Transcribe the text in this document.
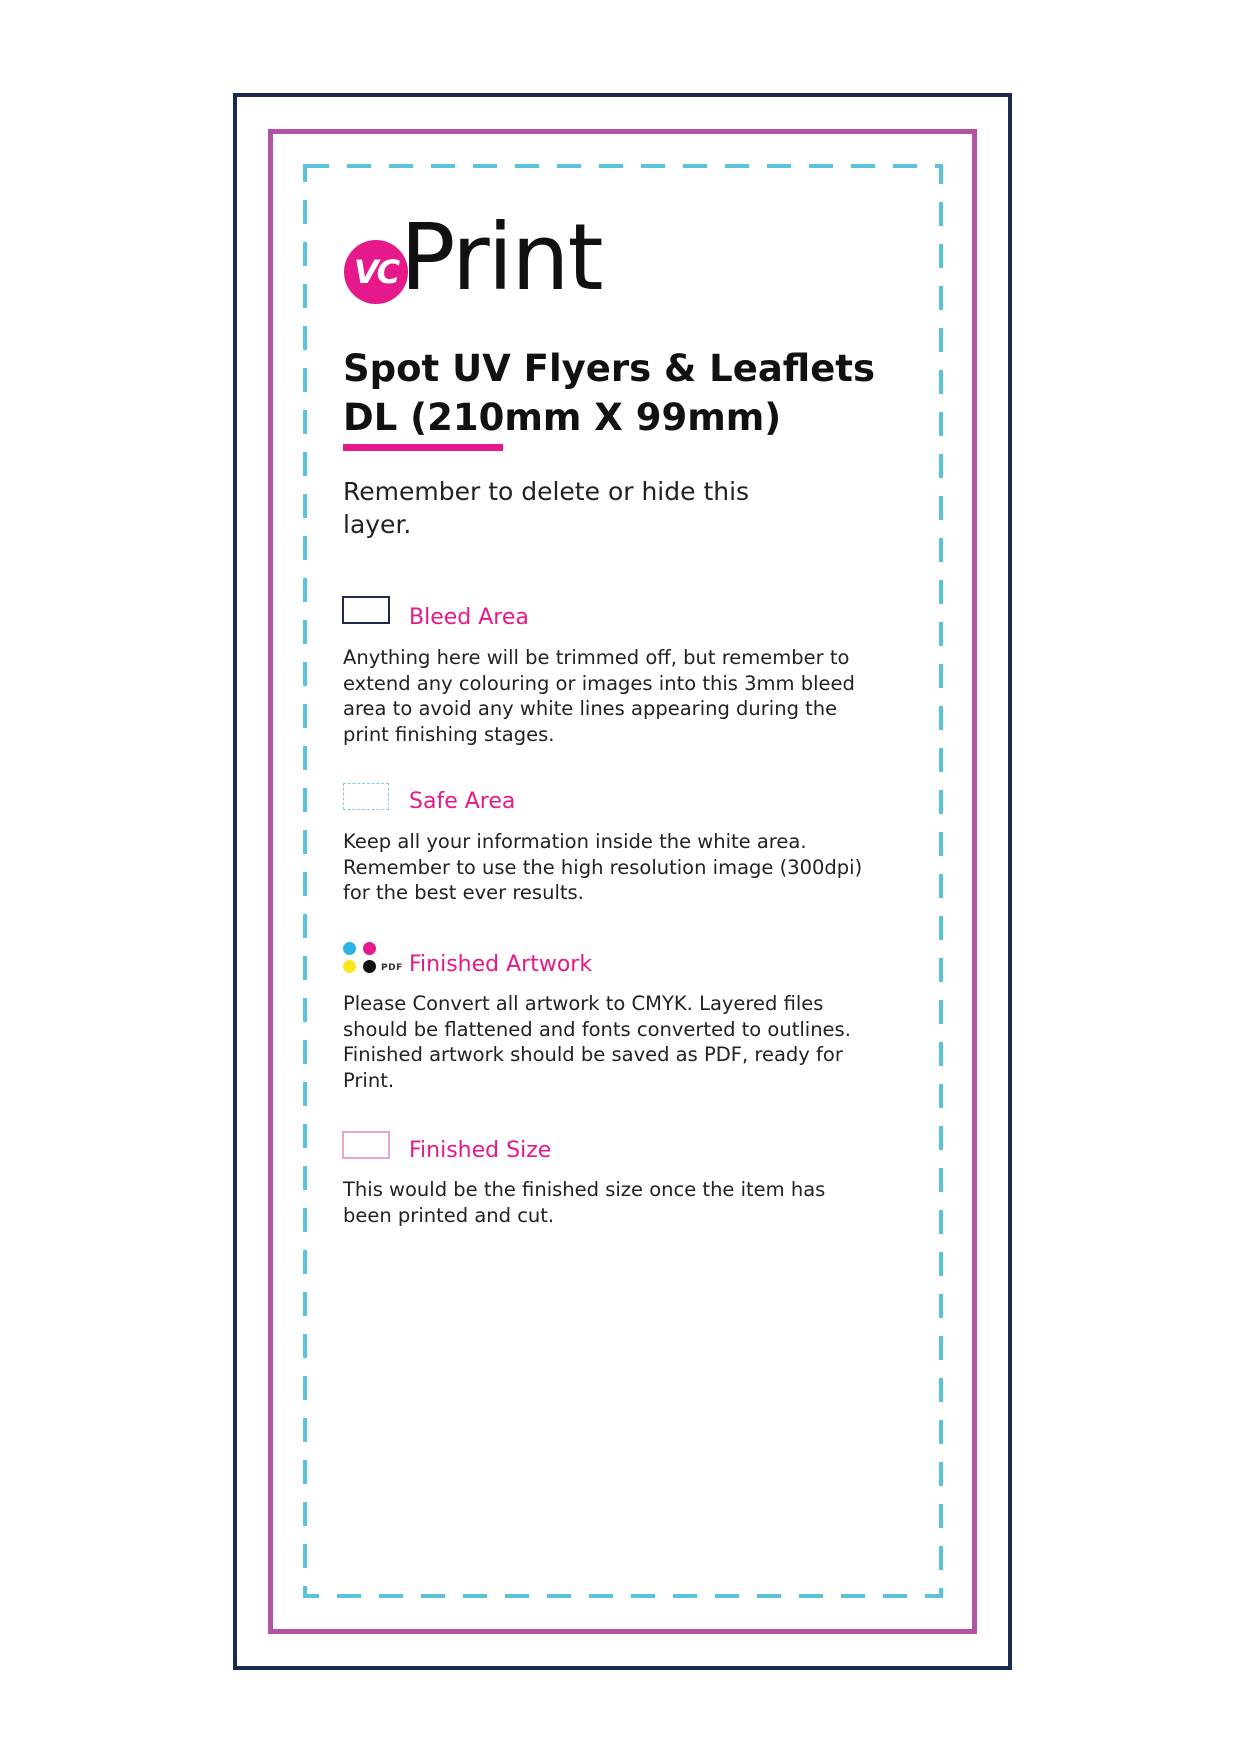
VC Print
Spot UV Flyers & Leaflets
DL (210mm X 99mm)

Remember to delete or hide this layer.

Bleed Area

Anything here will be trimmed off, but remember to extend any colouring or images into this 3mm bleed area to avoid any white lines appearing during the print finishing stages.

Safe Area

Keep all your information inside the white area. Remember to use the high resolution image (300dpi) for the best ever results.

PDF Finished Artwork

Please Convert all artwork to CMYK. Layered files should be flattened and fonts converted to outlines. Finished artwork should be saved as PDF, ready for Print.

Finished Size

This would be the finished size once the item has been printed and cut.
